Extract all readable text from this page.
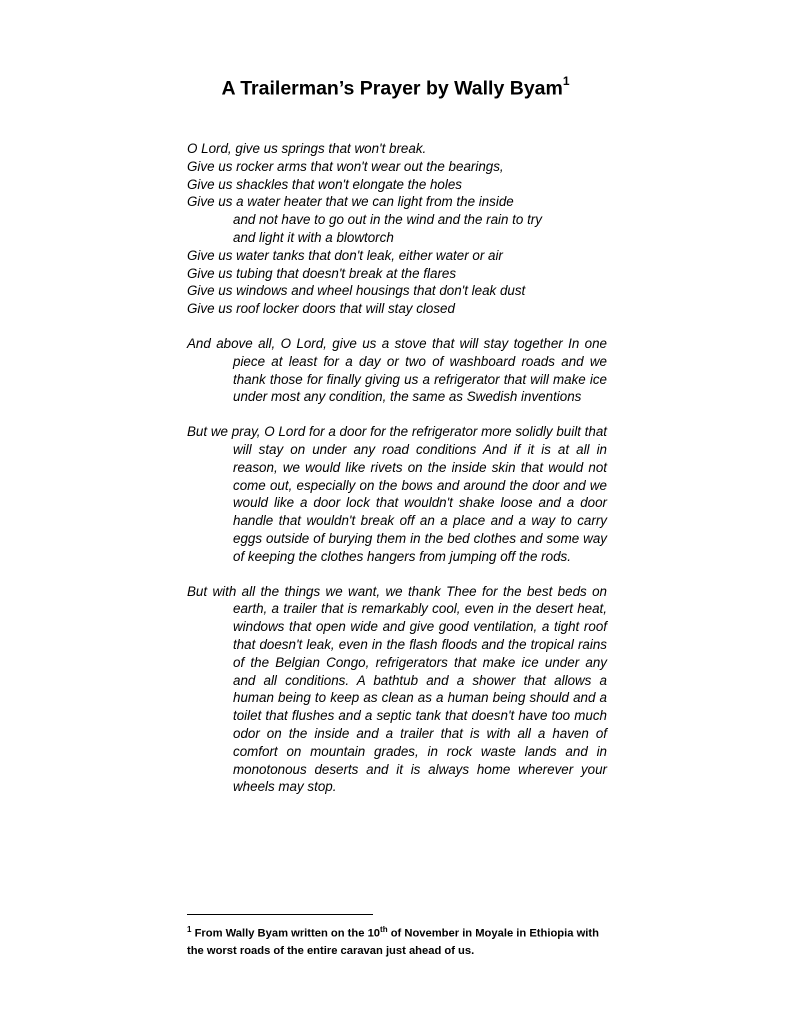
A Trailerman’s Prayer by Wally Byam$^1$
O Lord, give us springs that won't break.
Give us rocker arms that won't wear out the bearings,
Give us shackles that won't elongate the holes
Give us a water heater that we can light from the inside
and not have to go out in the wind and the rain to try
and light it with a blowtorch
Give us water tanks that don't leak, either water or air
Give us tubing that doesn't break at the flares
Give us windows and wheel housings that don't leak dust
Give us roof locker doors that will stay closed
And above all, O Lord, give us a stove that will stay together In one piece at least for a day or two of washboard roads and we thank those for finally giving us a refrigerator that will make ice under most any condition, the same as Swedish inventions
But we pray, O Lord for a door for the refrigerator more solidly built that will stay on under any road conditions And if it is at all in reason, we would like rivets on the inside skin that would not come out, especially on the bows and around the door and we would like a door lock that wouldn't shake loose and a door handle that wouldn't break off an a place and a way to carry eggs outside of burying them in the bed clothes and some way of keeping the clothes hangers from jumping off the rods.
But with all the things we want, we thank Thee for the best beds on earth, a trailer that is remarkably cool, even in the desert heat, windows that open wide and give good ventilation, a tight roof that doesn't leak, even in the flash floods and the tropical rains of the Belgian Congo, refrigerators that make ice under any and all conditions. A bathtub and a shower that allows a human being to keep as clean as a human being should and a toilet that flushes and a septic tank that doesn't have too much odor on the inside and a trailer that is with all a haven of comfort on mountain grades, in rock waste lands and in monotonous deserts and it is always home wherever your wheels may stop.
$^1$ From Wally Byam written on the 10th of November in Moyale in Ethiopia with the worst roads of the entire caravan just ahead of us.
